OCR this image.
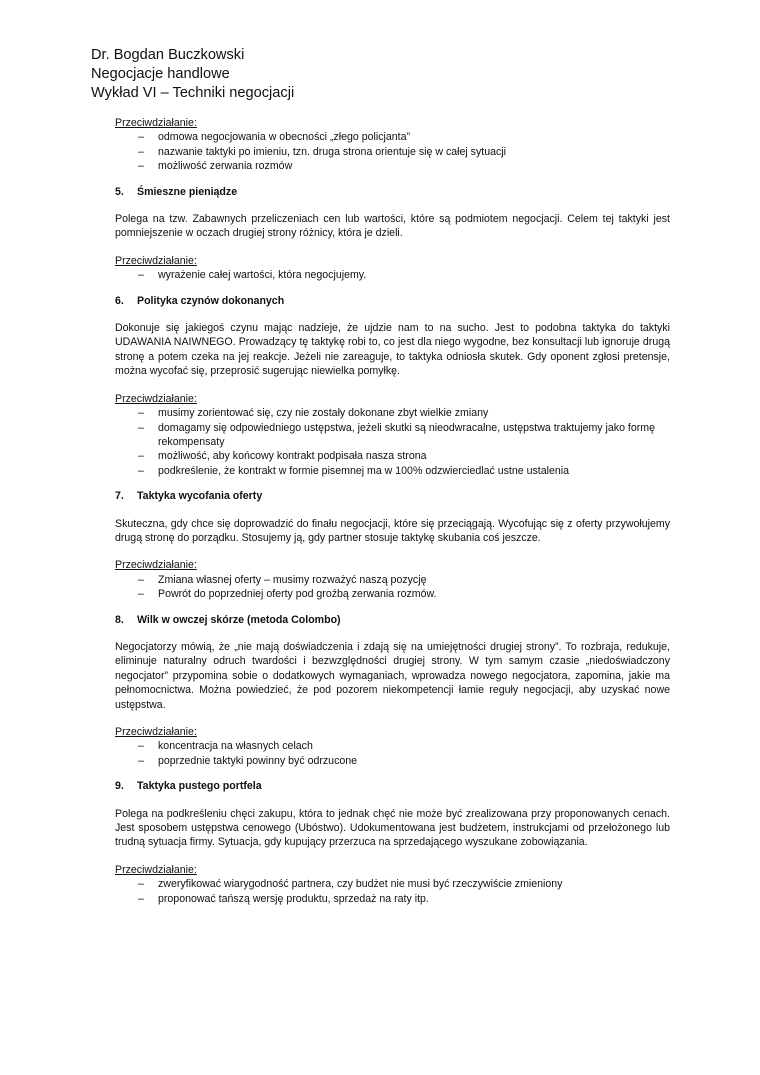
Dr. Bogdan Buczkowski
Negocjacje handlowe
Wykład VI – Techniki negocjacji
Przeciwdziałanie:
– odmowa negocjowania w obecności „złego policjanta”
– nazwanie taktyki po imieniu, tzn. druga strona orientuje się w całej sytuacji
– możliwość zerwania rozmów
5. Śmieszne pieniądze
Polega na tzw. Zabawnych przeliczeniach cen lub wartości, które są podmiotem negocjacji. Celem tej taktyki jest pomniejszenie w oczach drugiej strony różnicy, która je dzieli.
Przeciwdziałanie:
– wyrażenie całej wartości, która negocjujemy.
6. Polityka czynów dokonanych
Dokonuje się jakiegoś czynu mając nadzieje, że ujdzie nam to na sucho. Jest to podobna taktyka do taktyki UDAWANIA NAIWNEGO. Prowadzący tę taktykę robi to, co jest dla niego wygodne, bez konsultacji lub ignoruje drugą stronę a potem czeka na jej reakcje. Jeżeli nie zareaguje, to taktyka odniosła skutek. Gdy oponent zgłosi pretensje, można wycofać się, przeprosić sugerując niewielka pomyłkę.
Przeciwdziałanie:
– musimy zorientować się, czy nie zostały dokonane zbyt wielkie zmiany
– domagamy się odpowiedniego ustępstwa, jeżeli skutki są nieodwracalne, ustępstwa traktujemy jako formę rekompensaty
– możliwość, aby końcowy kontrakt podpisała nasza strona
– podkreślenie, że kontrakt w formie pisemnej ma w 100% odzwierciedlać ustne ustalenia
7. Taktyka wycofania oferty
Skuteczna, gdy chce się doprowadzić do finału negocjacji, które się przeciągają. Wycofując się z oferty przywołujemy drugą stronę do porządku. Stosujemy ją, gdy partner stosuje taktykę skubania coś jeszcze.
Przeciwdziałanie:
– Zmiana własnej oferty – musimy rozważyć naszą pozycję
– Powrót do poprzedniej oferty pod groźbą zerwania rozmów.
8. Wilk w owczej skórze (metoda Colombo)
Negocjatorzy mówią, że „nie mają doświadczenia i zdają się na umiejętności drugiej strony”. To rozbraja, redukuje, eliminuje naturalny odruch twardości i bezwzględności drugiej strony. W tym samym czasie „niedoświadczony negocjator” przypomina sobie o dodatkowych wymaganiach, wprowadza nowego negocjatora, zapomina, jakie ma pełnomocnictwa. Można powiedzieć, że pod pozorem niekompetencji łamie reguły negocjacji, aby uzyskać nowe ustępstwa.
Przeciwdziałanie:
– koncentracja na własnych celach
– poprzednie taktyki powinny być odrzucone
9. Taktyka pustego portfela
Polega na podkreśleniu chęci zakupu, która to jednak chęć nie może być zrealizowana przy proponowanych cenach. Jest sposobem ustępstwa cenowego (Ubóstwo). Udokumentowana jest budżetem, instrukcjami od przełożonego lub trudną sytuacja firmy. Sytuacja, gdy kupujący przerzuca na sprzedającego wyszukane zobowiązania.
Przeciwdziałanie:
– zweryfikować wiarygodność partnera, czy budżet nie musi być rzeczywiście zmieniony
– proponować tańszą wersję produktu, sprzedaż na raty itp.
